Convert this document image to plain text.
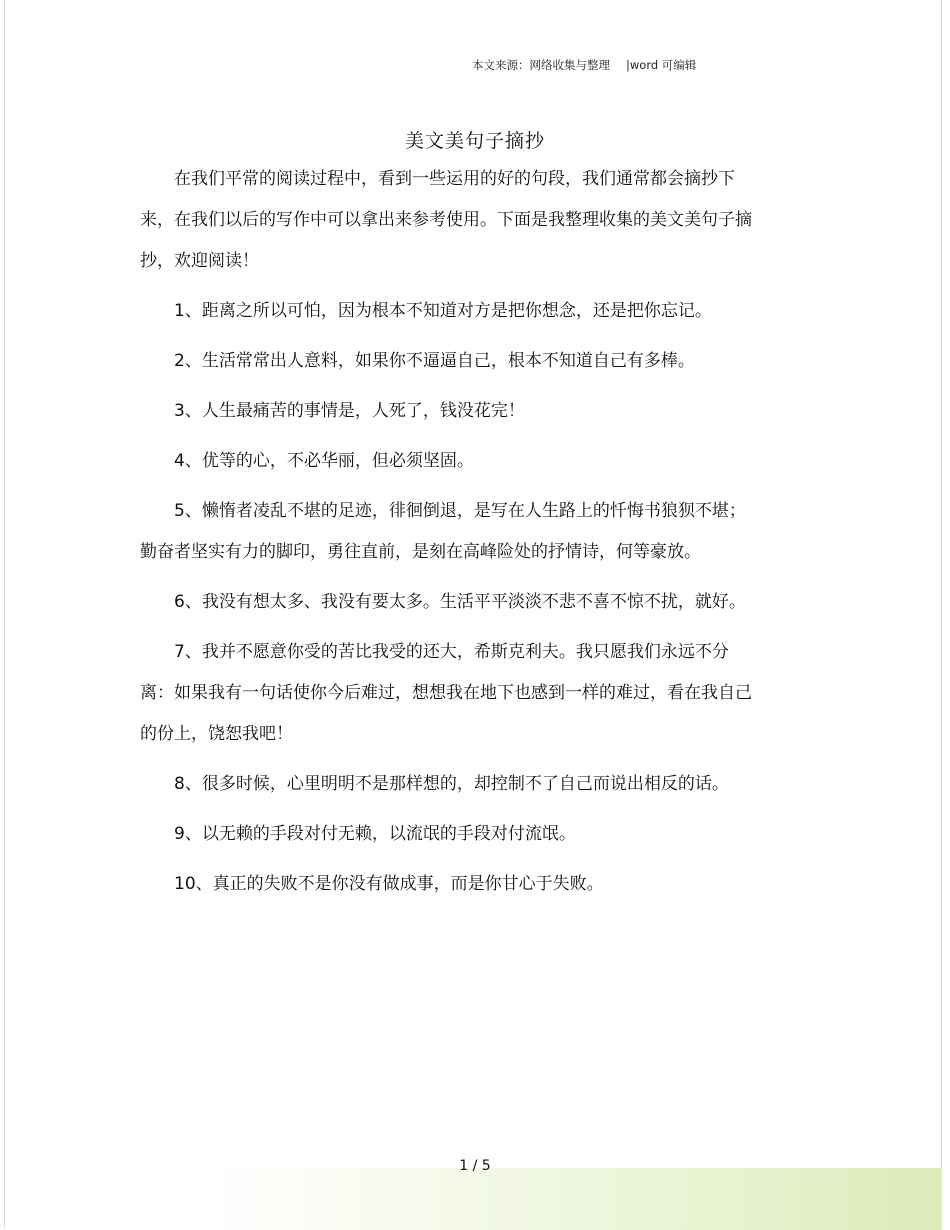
本文来源：网络收集与整理 |word 可编辑
美文美句子摘抄

在我们平常的阅读过程中，看到一些运用的好的句段，我们通常都会摘抄下来，在我们以后的写作中可以拿出来参考使用。下面是我整理收集的美文美句子摘抄，欢迎阅读！

1、距离之所以可怕，因为根本不知道对方是把你想念，还是把你忘记。

2、生活常常出人意料，如果你不逼逼自己，根本不知道自己有多棒。

3、人生最痛苦的事情是，人死了，钱没花完！

4、优等的心，不必华丽，但必须坚固。

5、懒惰者凌乱不堪的足迹，徘徊倒退，是写在人生路上的忏悔书狼狈不堪；勤奋者坚实有力的脚印，勇往直前，是刻在高峰险处的抒情诗，何等豪放。

6、我没有想太多、我没有要太多。生活平平淡淡不悲不喜不惊不扰，就好。

7、我并不愿意你受的苦比我受的还大，希斯克利夫。我只愿我们永远不分离：如果我有一句话使你今后难过，想想我在地下也感到一样的难过，看在我自己的份上，饶恕我吧！

8、很多时候，心里明明不是那样想的，却控制不了自己而说出相反的话。

9、以无赖的手段对付无赖，以流氓的手段对付流氓。

10、真正的失败不是你没有做成事，而是你甘心于失败。

1 / 5
